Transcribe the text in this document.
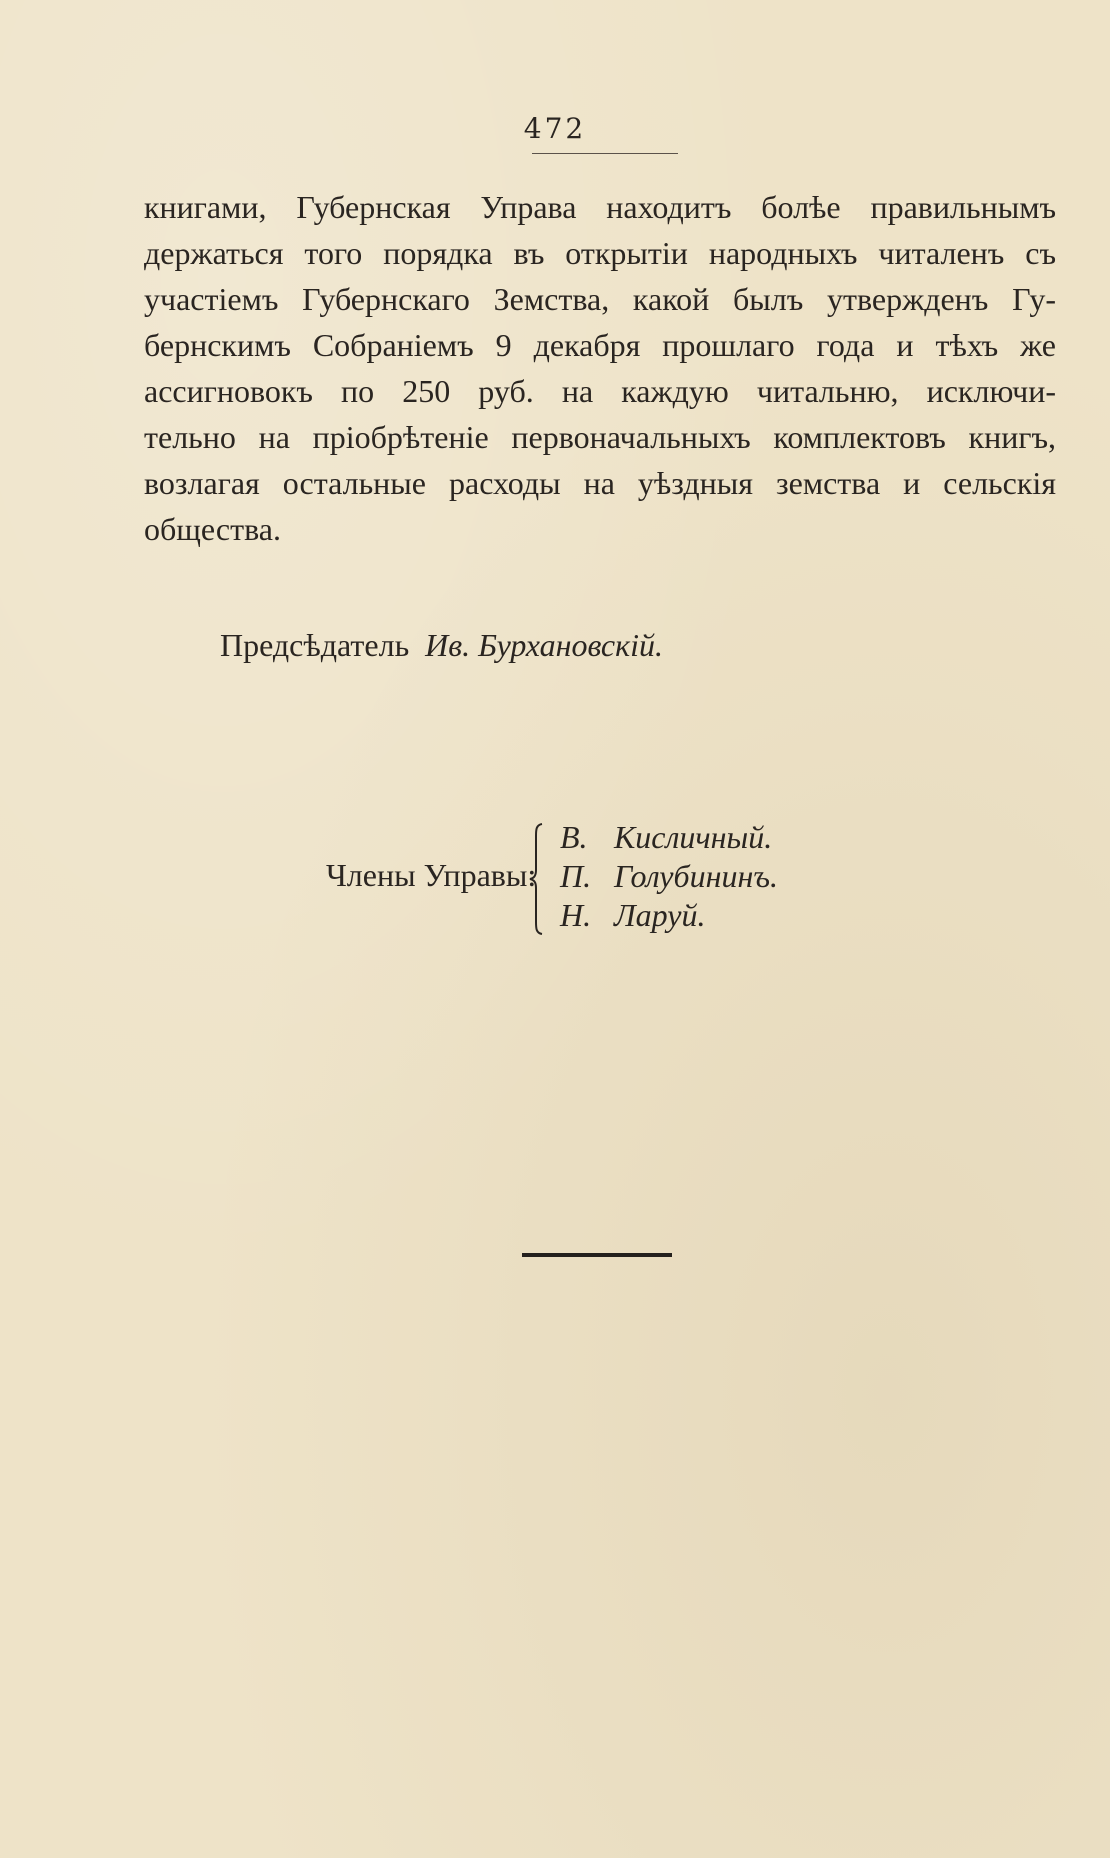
472
книгами, Губернская Управа находитъ болѣе правильнымъ
держаться того порядка въ открытіи народныхъ читаленъ съ
участіемъ Губернскаго Земства, какой былъ утвержденъ Гу-
бернскимъ Собраніемъ 9 декабря прошлаго года и тѣхъ же
ассигновокъ по 250 руб. на каждую читальню, исключи-
тельно на пріобрѣтеніе первоначальныхъ комплектовъ книгъ,
возлагая остальные расходы на уѣздныя земства и сельскія
общества.
Предсѣдатель Ив. Бурхановскій.
Члены Управы:
В. Кисличный.
П. Голубининъ.
Н. Ларуй.
